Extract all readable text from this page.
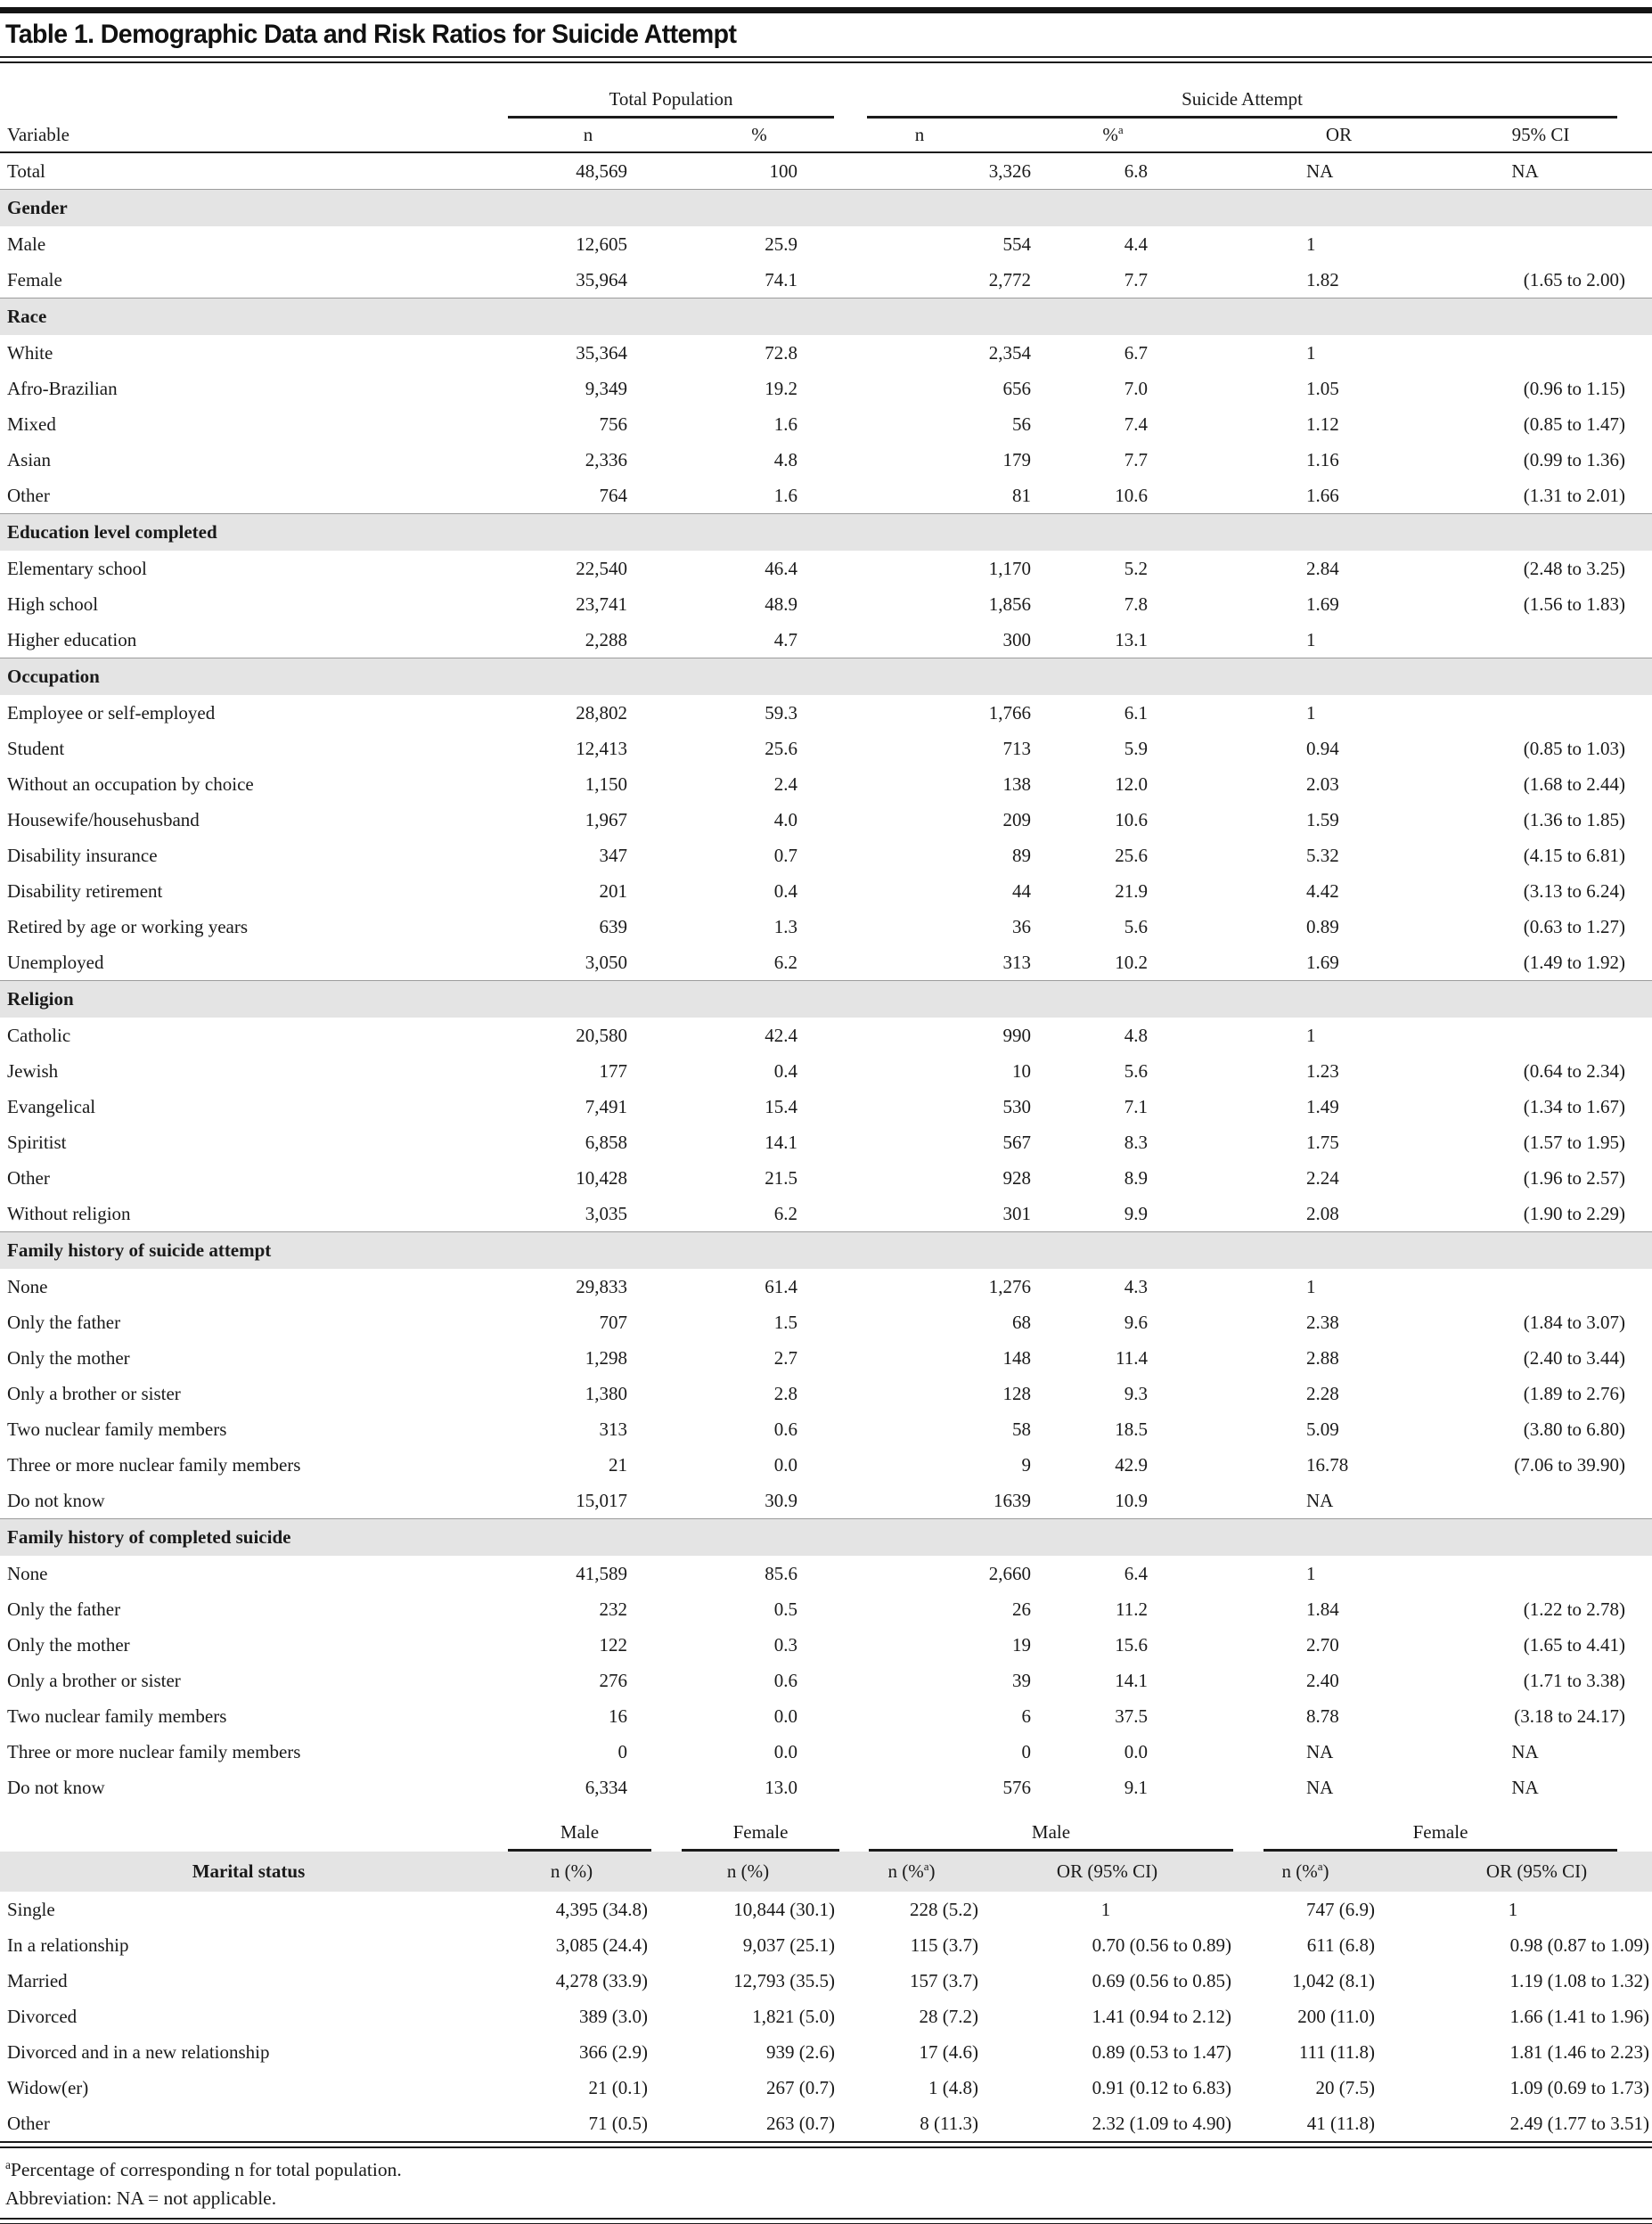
Table 1. Demographic Data and Risk Ratios for Suicide Attempt

	Total Population		Suicide Attempt			

Variable	n	%	n	%$^a$	OR	95% CI
Total	48,569	100	3,326	6.8	NA	NA
Gender						
Male	12,605	25.9	554	4.4	1	
Female	35,964	74.1	2,772	7.7	1.82	(1.65 to 2.00)
Race						
White	35,364	72.8	2,354	6.7	1	
Afro-Brazilian	9,349	19.2	656	7.0	1.05	(0.96 to 1.15)
Mixed	756	1.6	56	7.4	1.12	(0.85 to 1.47)
Asian	2,336	4.8	179	7.7	1.16	(0.99 to 1.36)
Other	764	1.6	81	10.6	1.66	(1.31 to 2.01)
Education level completed						
Elementary school	22,540	46.4	1,170	5.2	2.84	(2.48 to 3.25)
High school	23,741	48.9	1,856	7.8	1.69	(1.56 to 1.83)
Higher education	2,288	4.7	300	13.1	1	
Occupation						
Employee or self-employed	28,802	59.3	1,766	6.1	1	
Student	12,413	25.6	713	5.9	0.94	(0.85 to 1.03)
Without an occupation by choice	1,150	2.4	138	12.0	2.03	(1.68 to 2.44)
Housewife/househusband	1,967	4.0	209	10.6	1.59	(1.36 to 1.85)
Disability insurance	347	0.7	89	25.6	5.32	(4.15 to 6.81)
Disability retirement	201	0.4	44	21.9	4.42	(3.13 to 6.24)
Retired by age or working years	639	1.3	36	5.6	0.89	(0.63 to 1.27)
Unemployed	3,050	6.2	313	10.2	1.69	(1.49 to 1.92)
Religion						
Catholic	20,580	42.4	990	4.8	1	
Jewish	177	0.4	10	5.6	1.23	(0.64 to 2.34)
Evangelical	7,491	15.4	530	7.1	1.49	(1.34 to 1.67)
Spiritist	6,858	14.1	567	8.3	1.75	(1.57 to 1.95)
Other	10,428	21.5	928	8.9	2.24	(1.96 to 2.57)
Without religion	3,035	6.2	301	9.9	2.08	(1.90 to 2.29)
Family history of suicide attempt						
None	29,833	61.4	1,276	4.3	1	
Only the father	707	1.5	68	9.6	2.38	(1.84 to 3.07)
Only the mother	1,298	2.7	148	11.4	2.88	(2.40 to 3.44)
Only a brother or sister	1,380	2.8	128	9.3	2.28	(1.89 to 2.76)
Two nuclear family members	313	0.6	58	18.5	5.09	(3.80 to 6.80)
Three or more nuclear family members	21	0.0	9	42.9	16.78	(7.06 to 39.90)
Do not know	15,017	30.9	1639	10.9	NA	
Family history of completed suicide						
None	41,589	85.6	2,660	6.4	1	
Only the father	232	0.5	26	11.2	1.84	(1.22 to 2.78)
Only the mother	122	0.3	19	15.6	2.70	(1.65 to 4.41)
Only a brother or sister	276	0.6	39	14.1	2.40	(1.71 to 3.38)
Two nuclear family members	16	0.0	6	37.5	8.78	(3.18 to 24.17)
Three or more nuclear family members	0	0.0	0	0.0	NA	NA
Do not know	6,334	13.0	576	9.1	NA	NA

	Male	Female	Male		Female	

Marital status	n (%)	n (%)	n (%$^a$)	OR (95% CI)	n (%$^a$)	OR (95% CI)
Single	4,395 (34.8)	10,844 (30.1)	228 (5.2)	1	747 (6.9)	1
In a relationship	3,085 (24.4)	9,037 (25.1)	115 (3.7)	0.70 (0.56 to 0.89)	611 (6.8)	0.98 (0.87 to 1.09)
Married	4,278 (33.9)	12,793 (35.5)	157 (3.7)	0.69 (0.56 to 0.85)	1,042 (8.1)	1.19 (1.08 to 1.32)
Divorced	389 (3.0)	1,821 (5.0)	28 (7.2)	1.41 (0.94 to 2.12)	200 (11.0)	1.66 (1.41 to 1.96)
Divorced and in a new relationship	366 (2.9)	939 (2.6)	17 (4.6)	0.89 (0.53 to 1.47)	111 (11.8)	1.81 (1.46 to 2.23)
Widow(er)	21 (0.1)	267 (0.7)	1 (4.8)	0.91 (0.12 to 6.83)	20 (7.5)	1.09 (0.69 to 1.73)
Other	71 (0.5)	263 (0.7)	8 (11.3)	2.32 (1.09 to 4.90)	41 (11.8)	2.49 (1.77 to 3.51)
$^a$Percentage of corresponding n for total population.
Abbreviation: NA = not applicable.
